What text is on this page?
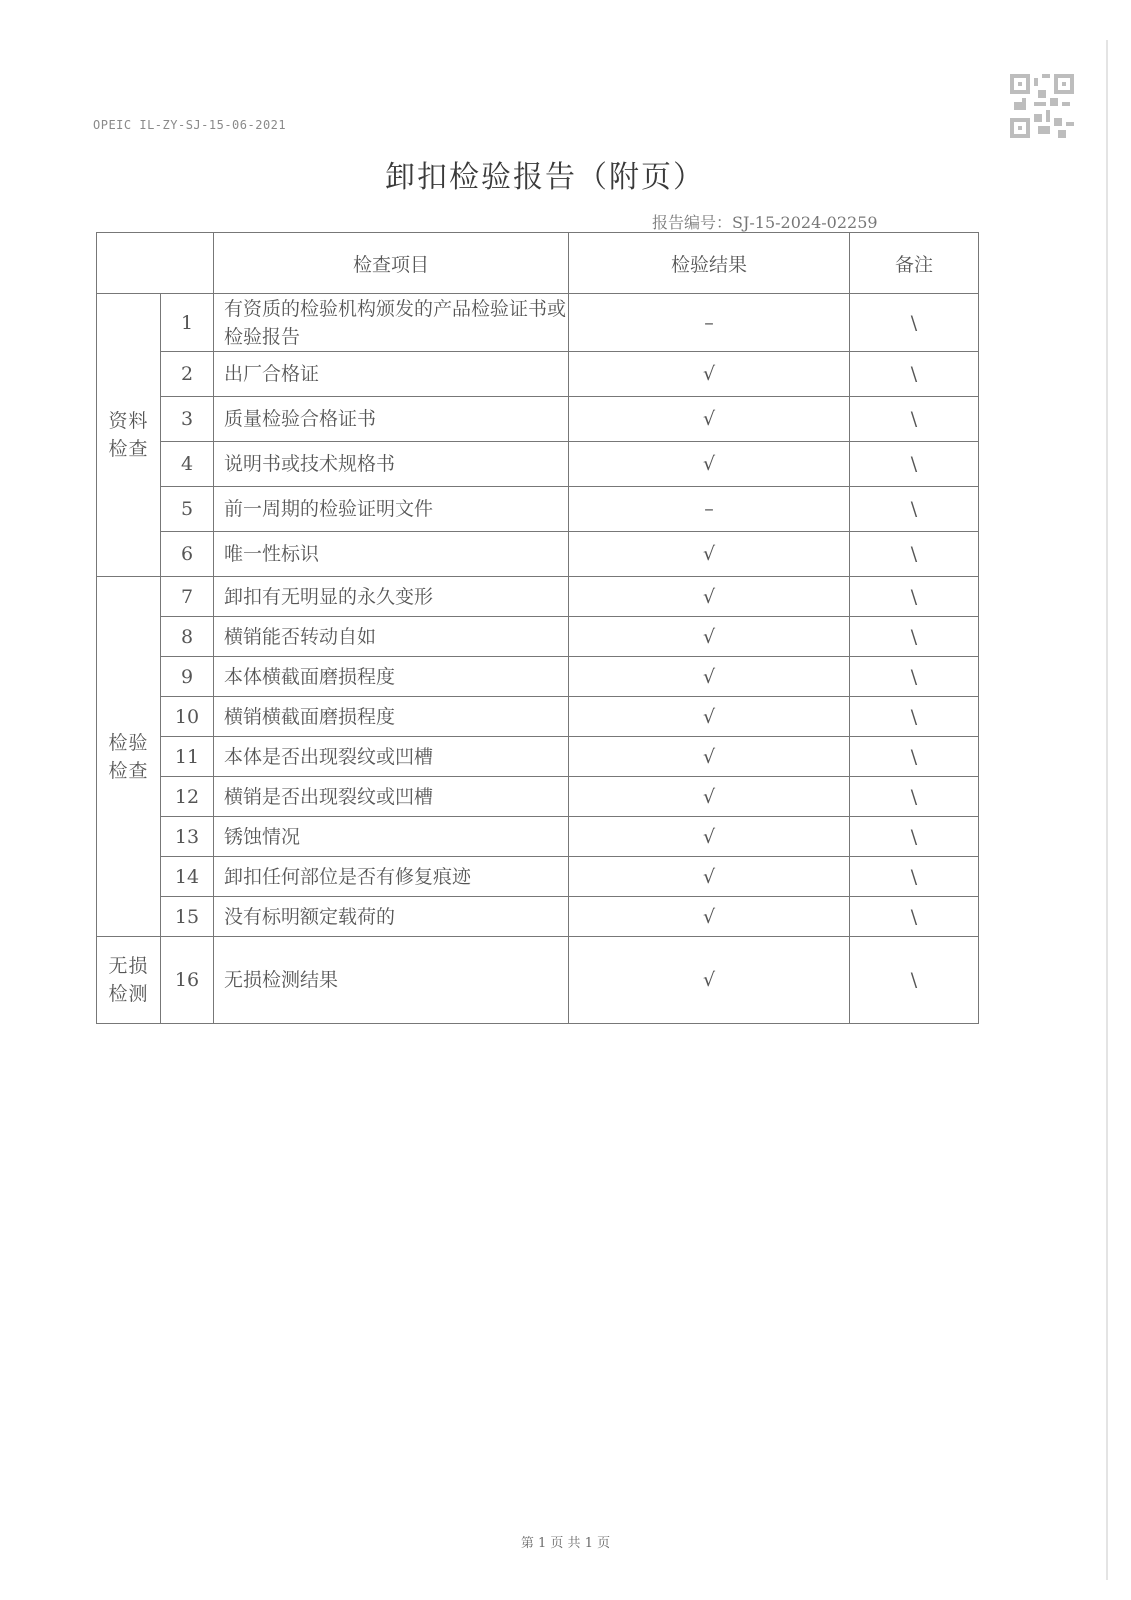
OPEIC IL-ZY-SJ-15-06-2021
卸扣检验报告（附页）
报告编号：SJ-15-2024-02259
		检查项目	检验结果	备注
资料
检查	1	有资质的检验机构颁发的产品检验证书或检验报告	–	\
	2	出厂合格证	√	\
	3	质量检验合格证书	√	\
	4	说明书或技术规格书	√	\
	5	前一周期的检验证明文件	–	\
	6	唯一性标识	√	\
检验
检查	7	卸扣有无明显的永久变形	√	\
	8	横销能否转动自如	√	\
	9	本体横截面磨损程度	√	\
	10	横销横截面磨损程度	√	\
	11	本体是否出现裂纹或凹槽	√	\
	12	横销是否出现裂纹或凹槽	√	\
	13	锈蚀情况	√	\
	14	卸扣任何部位是否有修复痕迹	√	\
	15	没有标明额定载荷的	√	\
无损
检测	16	无损检测结果	√	\
第 1 页 共 1 页
